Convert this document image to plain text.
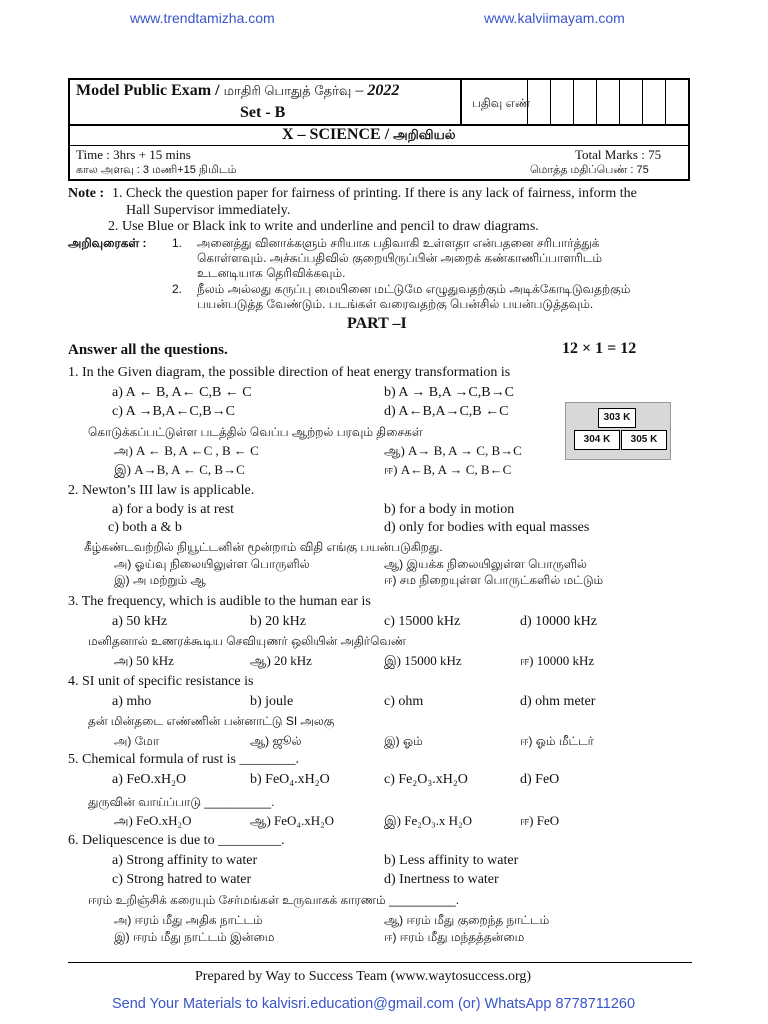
www.trendtamizha.com	www.kalviimayam.com
Model Public Exam / மாதிரி பொதுத் தேர்வு – 2022
Set - B
பதிவு எண்
X – SCIENCE / அறிவியல்
Time : 3hrs + 15 mins
கால அளவு : 3 மணி+15 நிமிடம்
Total Marks : 75
மொத்த மதிப்பெண் : 75
Note : 1. Check the question paper for fairness of printing. If there is any lack of fairness, inform the
Hall Supervisor immediately.
2. Use Blue or Black ink to write and underline and pencil to draw diagrams.
அறிவுரைகள் : 1. அனைத்து வினாக்களும் சரியாக பதிவாகி உள்ளதா என்பதனை சரிபார்த்துக்
கொள்ளவும். அச்சுப்பதிவில் குறையிருப்பின் அறைக் கண்காணிப்பாளரிடம்
உடனடியாக தெரிவிக்கவும்.
2. நீலம் அல்லது கருப்பு மையினை மட்டுமே எழுதுவதற்கும் அடிக்கோடிடுவதற்கும்
பயன்படுத்த வேண்டும். படங்கள் வரைவதற்கு பென்சில் பயன்படுத்தவும்.
PART –I
Answer all the questions.	12 × 1 = 12
303 K
304 K	305 K
1. In the Given diagram, the possible direction of heat energy transformation is
a) A ← B, A← C,B ← C	b) A → B,A →C,B→C
c) A →B,A←C,B→C	d) A←B,A→C,B ←C
கொடுக்கப்பட்டுள்ள படத்தில் வெப்ப ஆற்றல் பரவும் திசைகள்
அ) A ← B, A ←C , B ← C	ஆ) A→ B, A → C, B→C
இ) A→B, A ← C, B→C	ஈ) A←B, A → C, B←C
2. Newton’s III law is applicable.
a) for a body is at rest	b) for a body in motion
c) both a & b	d) only for bodies with equal masses
கீழ்கண்டவற்றில் நியூட்டனின் மூன்றாம் விதி எங்கு பயன்படுகிறது.
அ) ஓய்வு நிலையிலுள்ள பொருளில்	ஆ) இயக்க நிலையிலுள்ள பொருளில்
இ) அ மற்றும் ஆ	ஈ) சம நிறையுள்ள பொருட்களில் மட்டும்
3. The frequency, which is audible to the human ear is
a) 50 kHz	b) 20 kHz	c) 15000 kHz	d) 10000 kHz
மனிதனால் உணரக்கூடிய செவியுணர் ஒலியின் அதிர்வெண்
அ) 50 kHz	ஆ) 20 kHz	இ) 15000 kHz	ஈ) 10000 kHz
4. SI unit of specific resistance is
a) mho	b) joule	c) ohm	d) ohm meter
தன் மின்தடை எண்ணின் பன்னாட்டு SI அலகு
அ) மோ	ஆ) ஜூல்	இ) ஓம்	ஈ) ஓம் மீட்டர்
5. Chemical formula of rust is ________.
a) FeO.xH₂O	b) FeO₄.xH₂O	c) Fe₂O₃.xH₂O	d) FeO
துருவின் வாய்ப்பாடு __________.
அ) FeO.xH₂O	ஆ) FeO₄.xH₂O	இ) Fe₂O₃.x H₂O	ஈ) FeO
6. Deliquescence is due to _________.
a) Strong affinity to water	b) Less affinity to water
c) Strong hatred to water	d) Inertness to water
ஈரம் உறிஞ்சிக் கரையும் சேர்மங்கள் உருவாகக் காரணம் __________.
அ) ஈரம் மீது அதிக நாட்டம்	ஆ) ஈரம் மீது குறைந்த நாட்டம்
இ) ஈரம் மீது நாட்டம் இன்மை	ஈ) ஈரம் மீது மந்தத்தன்மை
Prepared by Way to Success Team (www.waytosuccess.org)
Send Your Materials to kalvisri.education@gmail.com (or) WhatsApp 8778711260
